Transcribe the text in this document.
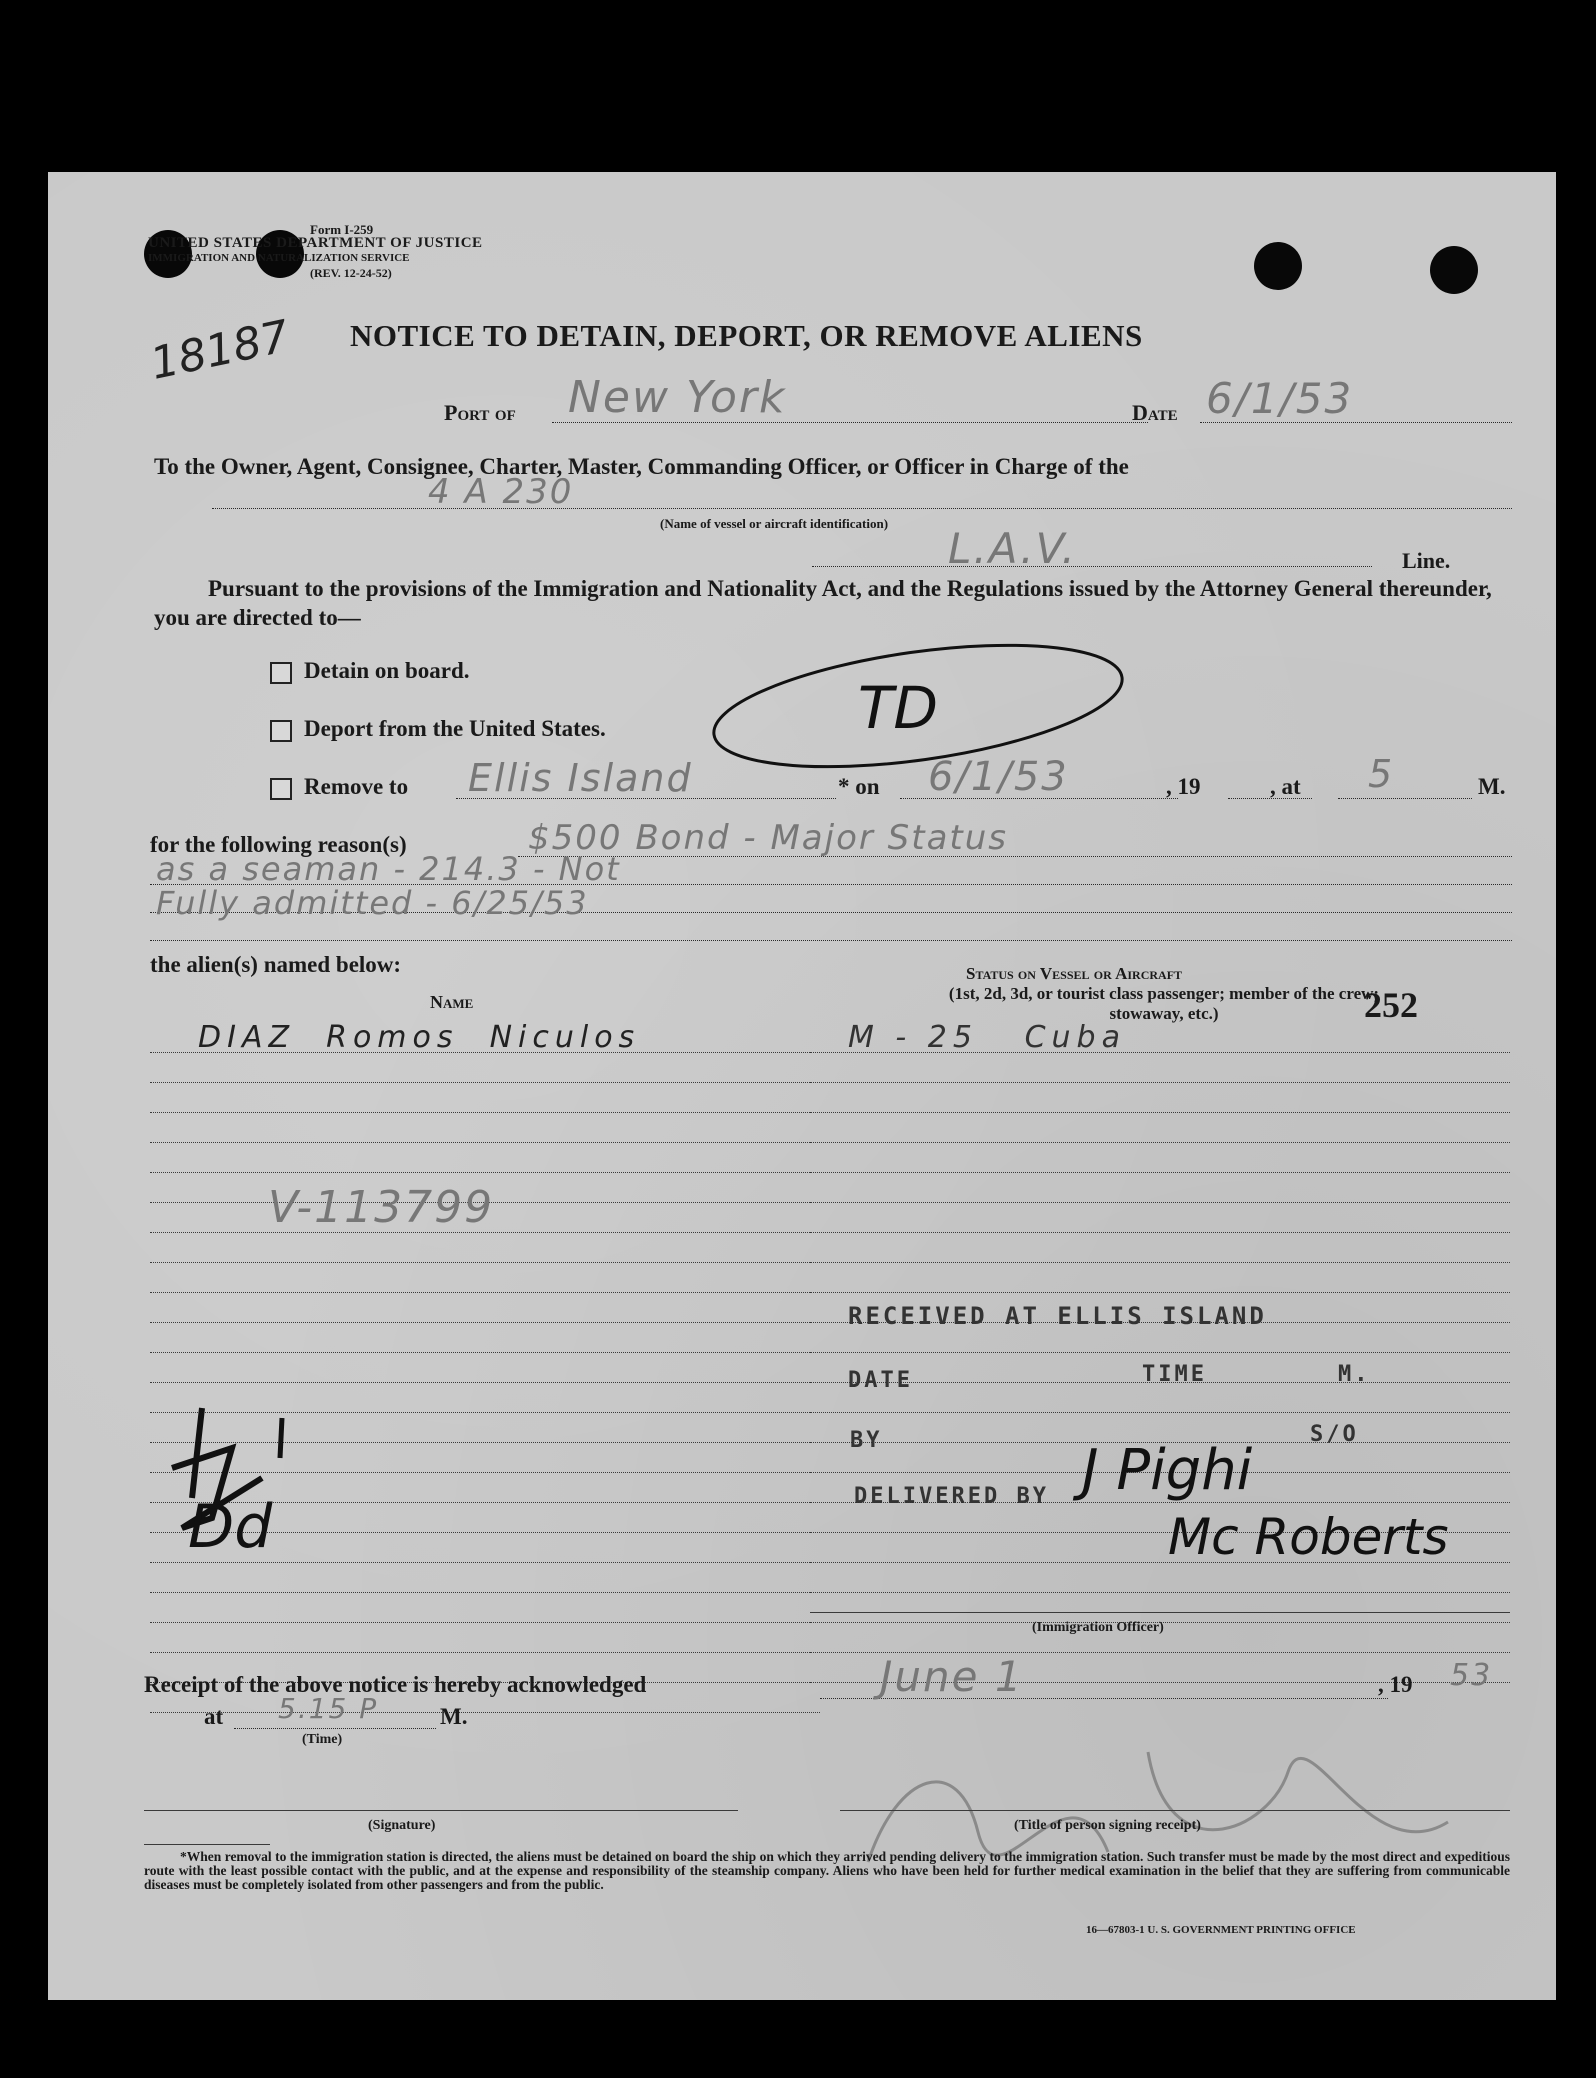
Form I-259
UNITED STATES DEPARTMENT OF JUSTICE
IMMIGRATION AND NATURALIZATION SERVICE
(REV. 12-24-52)
18187 NOTICE TO DETAIN, DEPORT, OR REMOVE ALIENS
Port of New York	Date 6/1/53
To the Owner, Agent, Consignee, Charter, Master, Commanding Officer, or Officer in Charge of the
4 A 230
(Name of vessel or aircraft identification)
L.A.V.	Line.
Pursuant to the provisions of the Immigration and Nationality Act, and the Regulations issued by the Attorney General thereunder, you are directed to—
Detain on board.
Deport from the United States.	TD
Remove to Ellis Island	* on 6/1/53	, 19	, at 5	M.
for the following reason(s)	$500 Bond - Major Status
as a seaman - 214.3 - Not
Fully admitted - 6/25/53
the alien(s) named below:
Name
Status on Vessel or Aircraft
(1st, 2d, 3d, or tourist class passenger; member of the crew; stowaway, etc.)	252
DIAZ  Romos  Niculos	M - 25   Cuba
V-113799
RECEIVED AT ELLIS ISLAND
DATE	TIME	M.
BY	S/O
DELIVERED BY J Pighi
Mc Roberts
(Immigration Officer)
Dd
Receipt of the above notice is hereby acknowledged	June 1	, 19 53
at 5.15 P	M.
(Time)
(Signature)	(Title of person signing receipt)
*When removal to the immigration station is directed, the aliens must be detained on board the ship on which they arrived pending delivery to the immigration station. Such transfer must be made by the most direct and expeditious route with the least possible contact with the public, and at the expense and responsibility of the steamship company. Aliens who have been held for further medical examination in the belief that they are suffering from communicable diseases must be completely isolated from other passengers and from the public.
16—67803-1 U. S. GOVERNMENT PRINTING OFFICE
